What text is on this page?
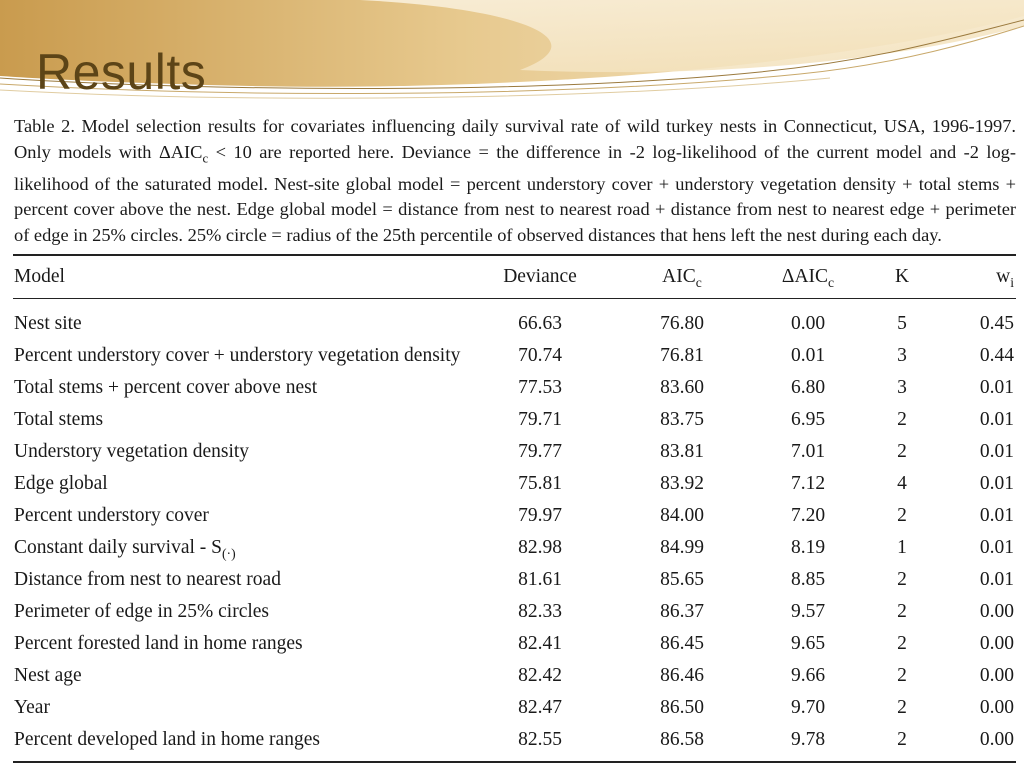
Results
Table 2. Model selection results for covariates influencing daily survival rate of wild turkey nests in Connecticut, USA, 1996-1997. Only models with $\Delta AIC_c < 10$ are reported here. Deviance = the difference in -2 log-likelihood of the current model and -2 log-likelihood of the saturated model. Nest-site global model = percent understory cover + understory vegetation density + total stems + percent cover above the nest. Edge global model = distance from nest to nearest road + distance from nest to nearest edge + perimeter of edge in 25% circles. 25% circle = radius of the 25th percentile of observed distances that hens left the nest during each day.
Model	Deviance	$AIC_c$	$\Delta AIC_c$	K	$w_i$
Nest site	66.63	76.80	0.00	5	0.45
Percent understory cover + understory vegetation density	70.74	76.81	0.01	3	0.44
Total stems + percent cover above nest	77.53	83.60	6.80	3	0.01
Total stems	79.71	83.75	6.95	2	0.01
Understory vegetation density	79.77	83.81	7.01	2	0.01
Edge global	75.81	83.92	7.12	4	0.01
Percent understory cover	79.97	84.00	7.20	2	0.01
Constant daily survival - $S_{(\cdot)}$	82.98	84.99	8.19	1	0.01
Distance from nest to nearest road	81.61	85.65	8.85	2	0.01
Perimeter of edge in 25% circles	82.33	86.37	9.57	2	0.00
Percent forested land in home ranges	82.41	86.45	9.65	2	0.00
Nest age	82.42	86.46	9.66	2	0.00
Year	82.47	86.50	9.70	2	0.00
Percent developed land in home ranges	82.55	86.58	9.78	2	0.00
